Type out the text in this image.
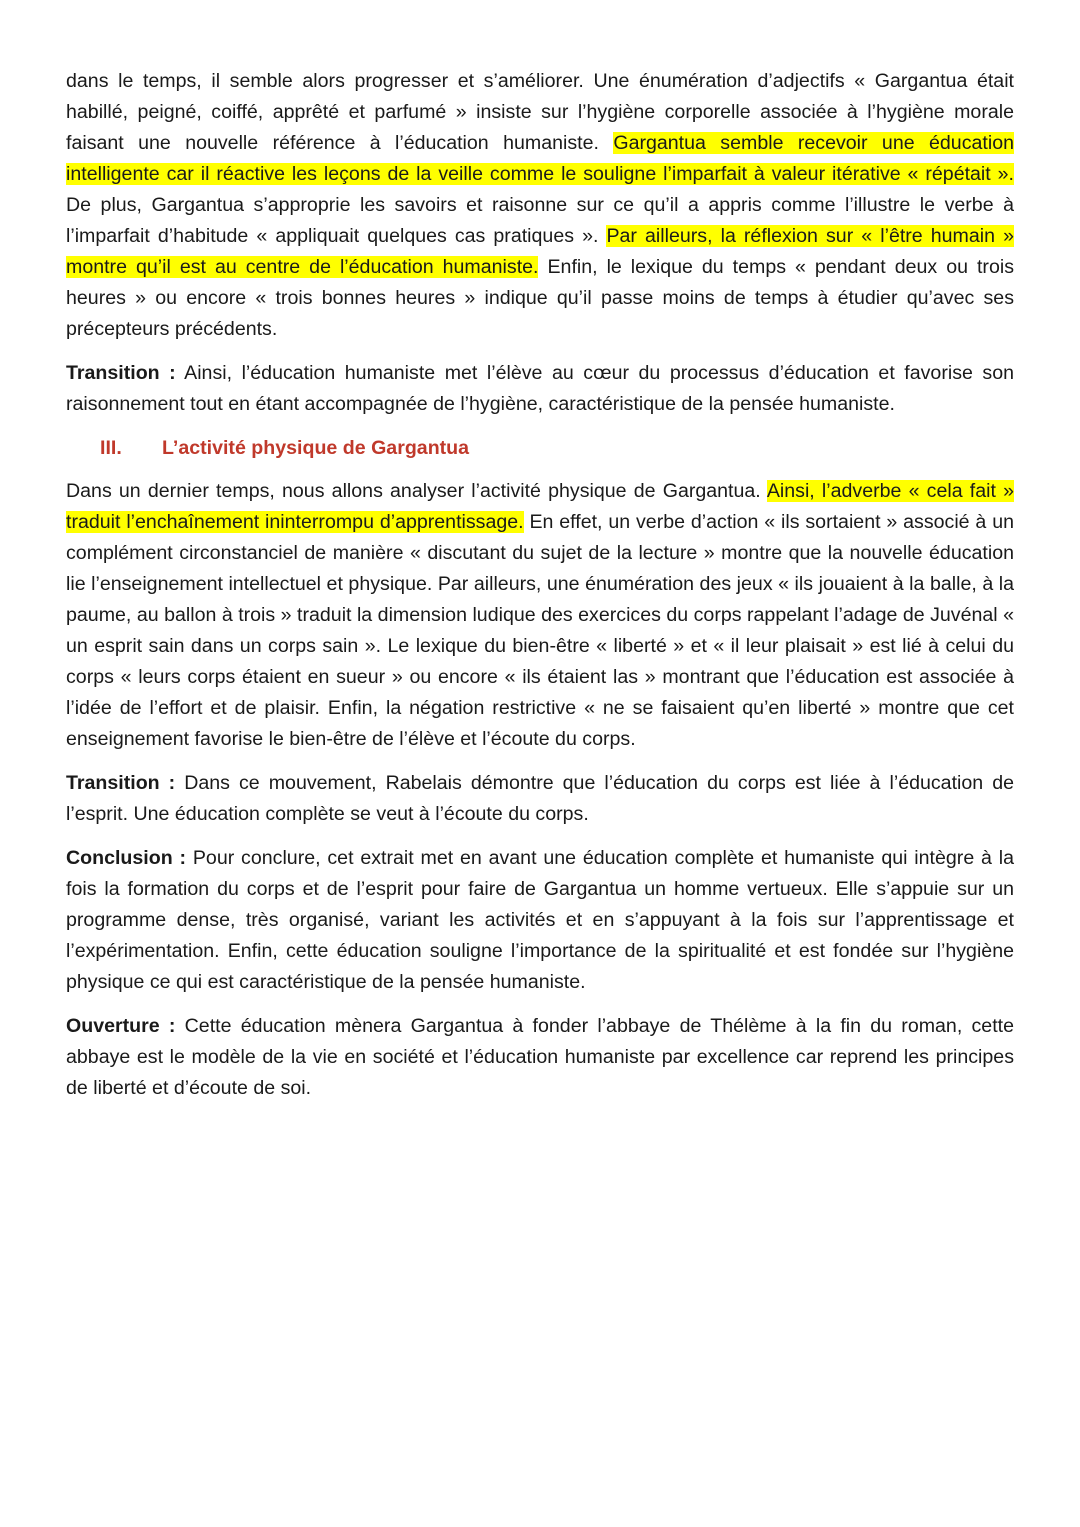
dans le temps, il semble alors progresser et s’améliorer. Une énumération d’adjectifs « Gargantua était habillé, peigné, coiffé, apprêté et parfumé » insiste sur l’hygiène corporelle associée à l’hygiène morale faisant une nouvelle référence à l’éducation humaniste. Gargantua semble recevoir une éducation intelligente car il réactive les leçons de la veille comme le souligne l’imparfait à valeur itérative « répétait ». De plus, Gargantua s’approprie les savoirs et raisonne sur ce qu’il a appris comme l’illustre le verbe à l’imparfait d’habitude « appliquait quelques cas pratiques ». Par ailleurs, la réflexion sur « l’être humain » montre qu’il est au centre de l’éducation humaniste. Enfin, le lexique du temps « pendant deux ou trois heures » ou encore « trois bonnes heures » indique qu’il passe moins de temps à étudier qu’avec ses précepteurs précédents.

Transition : Ainsi, l’éducation humaniste met l’élève au cœur du processus d’éducation et favorise son raisonnement tout en étant accompagnée de l’hygiène, caractéristique de la pensée humaniste.

III. L’activité physique de Gargantua

Dans un dernier temps, nous allons analyser l’activité physique de Gargantua. Ainsi, l’adverbe « cela fait » traduit l’enchaînement ininterrompu d’apprentissage. En effet, un verbe d’action « ils sortaient » associé à un complément circonstanciel de manière « discutant du sujet de la lecture » montre que la nouvelle éducation lie l’enseignement intellectuel et physique. Par ailleurs, une énumération des jeux « ils jouaient à la balle, à la paume, au ballon à trois » traduit la dimension ludique des exercices du corps rappelant l’adage de Juvénal « un esprit sain dans un corps sain ». Le lexique du bien-être « liberté » et « il leur plaisait » est lié à celui du corps « leurs corps étaient en sueur » ou encore « ils étaient las » montrant que l’éducation est associée à l’idée de l’effort et de plaisir. Enfin, la négation restrictive « ne se faisaient qu’en liberté » montre que cet enseignement favorise le bien-être de l’élève et l’écoute du corps.

Transition : Dans ce mouvement, Rabelais démontre que l’éducation du corps est liée à l’éducation de l’esprit. Une éducation complète se veut à l’écoute du corps.

Conclusion : Pour conclure, cet extrait met en avant une éducation complète et humaniste qui intègre à la fois la formation du corps et de l’esprit pour faire de Gargantua un homme vertueux. Elle s’appuie sur un programme dense, très organisé, variant les activités et en s’appuyant à la fois sur l’apprentissage et l’expérimentation. Enfin, cette éducation souligne l’importance de la spiritualité et est fondée sur l’hygiène physique ce qui est caractéristique de la pensée humaniste.

Ouverture : Cette éducation mènera Gargantua à fonder l’abbaye de Thélème à la fin du roman, cette abbaye est le modèle de la vie en société et l’éducation humaniste par excellence car reprend les principes de liberté et d’écoute de soi.
